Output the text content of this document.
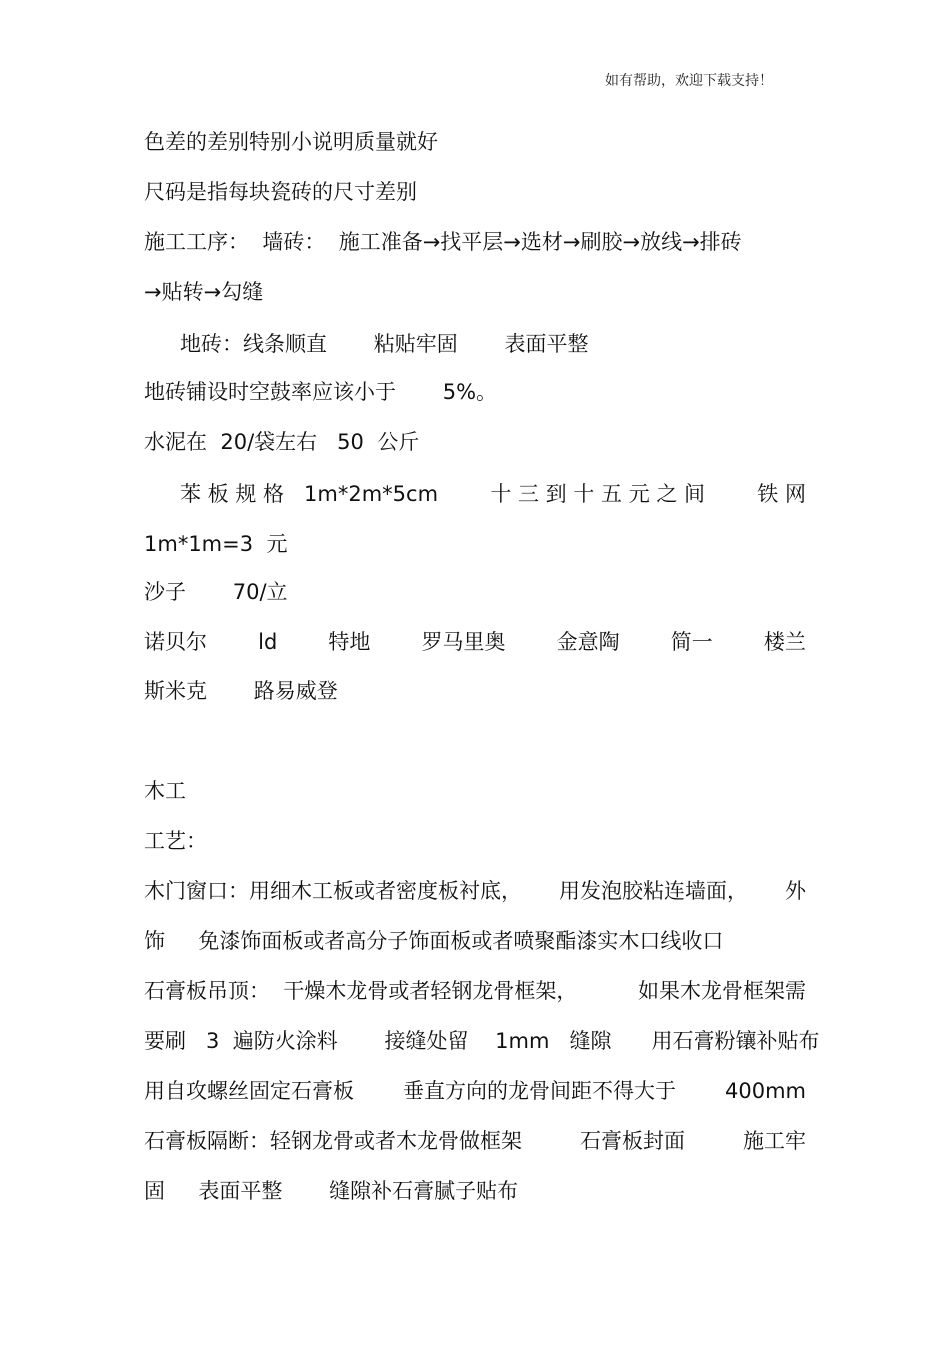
如有帮助，欢迎下载支持！
色差的差别特别小说明质量就好
尺码是指每块瓷砖的尺寸差别
施工工序：  墙砖：  施工准备→找平层→选材→刷胶→放线→排砖
→贴转→勾缝
地砖：线条顺直       粘贴牢固       表面平整
地砖铺设时空鼓率应该小于       5%。
水泥在  20/袋左右   50  公斤
苯 板 规 格   1m*2m*5cm 十 三 到 十 五 元 之 间 铁 网
1m*1m=3  元
沙子       70/立
诺贝尔 ld 特地 罗马里奥 金意陶 简一 楼兰
斯米克       路易威登
木工
工艺：
木门窗口：用细木工板或者密度板衬底， 用发泡胶粘连墙面， 外
饰     免漆饰面板或者高分子饰面板或者喷聚酯漆实木口线收口
石膏板吊顶：  干燥木龙骨或者轻钢龙骨框架，	如果木龙骨框架需
要刷   3  遍防火涂料       接缝处留    1mm   缝隙      用石膏粉镶补贴布
用自攻螺丝固定石膏板 垂直方向的龙骨间距不得大于 400mm
石膏板隔断：轻钢龙骨或者木龙骨做框架	石膏板封面	施工牢
固     表面平整       缝隙补石膏腻子贴布
